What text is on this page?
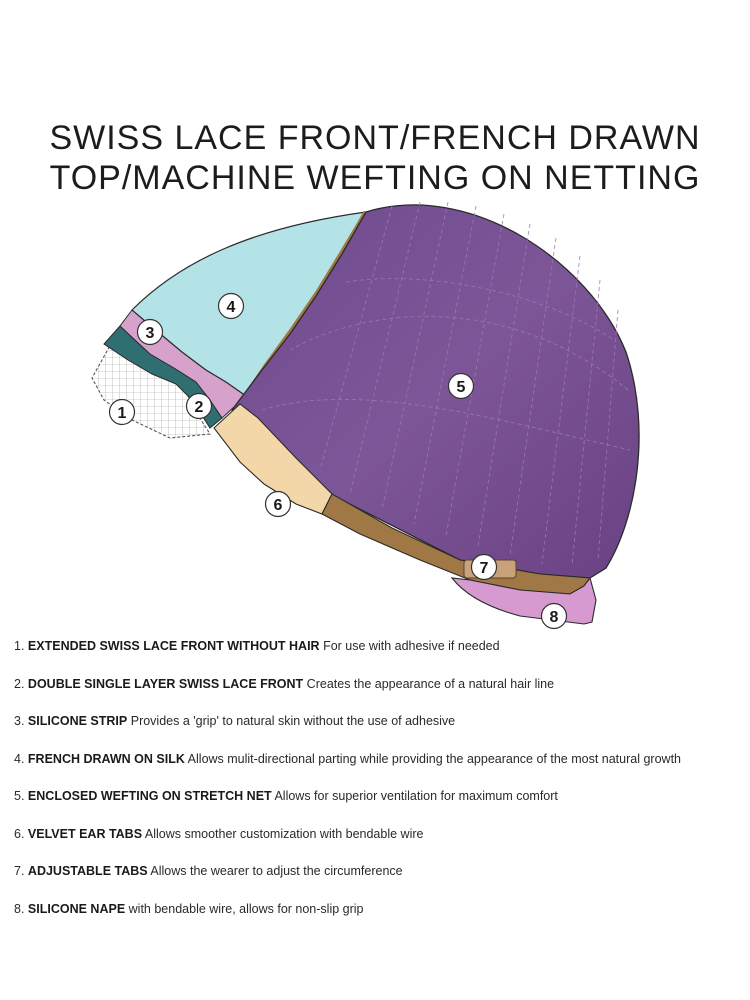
SWISS LACE FRONT/FRENCH DRAWN
TOP/MACHINE WEFTING ON NETTING
1	2
3
4
5
6
7
8
1. EXTENDED SWISS LACE FRONT WITHOUT HAIR For use with adhesive if needed
2. DOUBLE SINGLE LAYER SWISS LACE FRONT Creates the appearance of a natural hair line
3. SILICONE STRIP Provides a 'grip' to natural skin without the use of adhesive
4. FRENCH DRAWN ON SILK Allows mulit-directional parting while providing the appearance of the most natural growth
5. ENCLOSED WEFTING ON STRETCH NET Allows for superior ventilation for maximum comfort
6. VELVET EAR TABS Allows smoother customization with bendable wire
7. ADJUSTABLE TABS Allows the wearer to adjust the circumference
8. SILICONE NAPE with bendable wire, allows for non-slip grip
